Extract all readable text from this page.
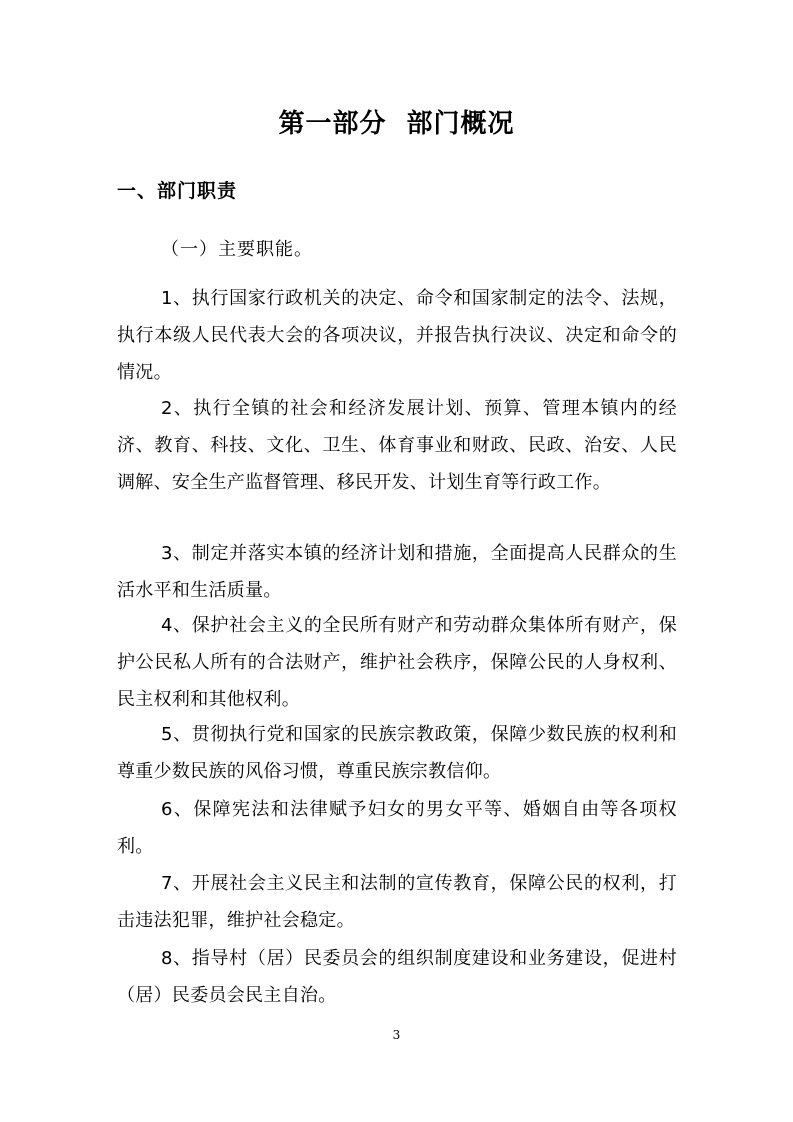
第一部分  部门概况
一、部门职责
（一）主要职能。
1、执行国家行政机关的决定、命令和国家制定的法令、法规，执行本级人民代表大会的各项决议，并报告执行决议、决定和命令的情况。
2、执行全镇的社会和经济发展计划、预算、管理本镇内的经济、教育、科技、文化、卫生、体育事业和财政、民政、治安、人民调解、安全生产监督管理、移民开发、计划生育等行政工作。
3、制定并落实本镇的经济计划和措施，全面提高人民群众的生活水平和生活质量。
4、保护社会主义的全民所有财产和劳动群众集体所有财产，保护公民私人所有的合法财产，维护社会秩序，保障公民的人身权利、民主权利和其他权利。
5、贯彻执行党和国家的民族宗教政策，保障少数民族的权利和尊重少数民族的风俗习惯，尊重民族宗教信仰。
6、保障宪法和法律赋予妇女的男女平等、婚姻自由等各项权利。
7、开展社会主义民主和法制的宣传教育，保障公民的权利，打击违法犯罪，维护社会稳定。
8、指导村（居）民委员会的组织制度建设和业务建设，促进村（居）民委员会民主自治。
3
